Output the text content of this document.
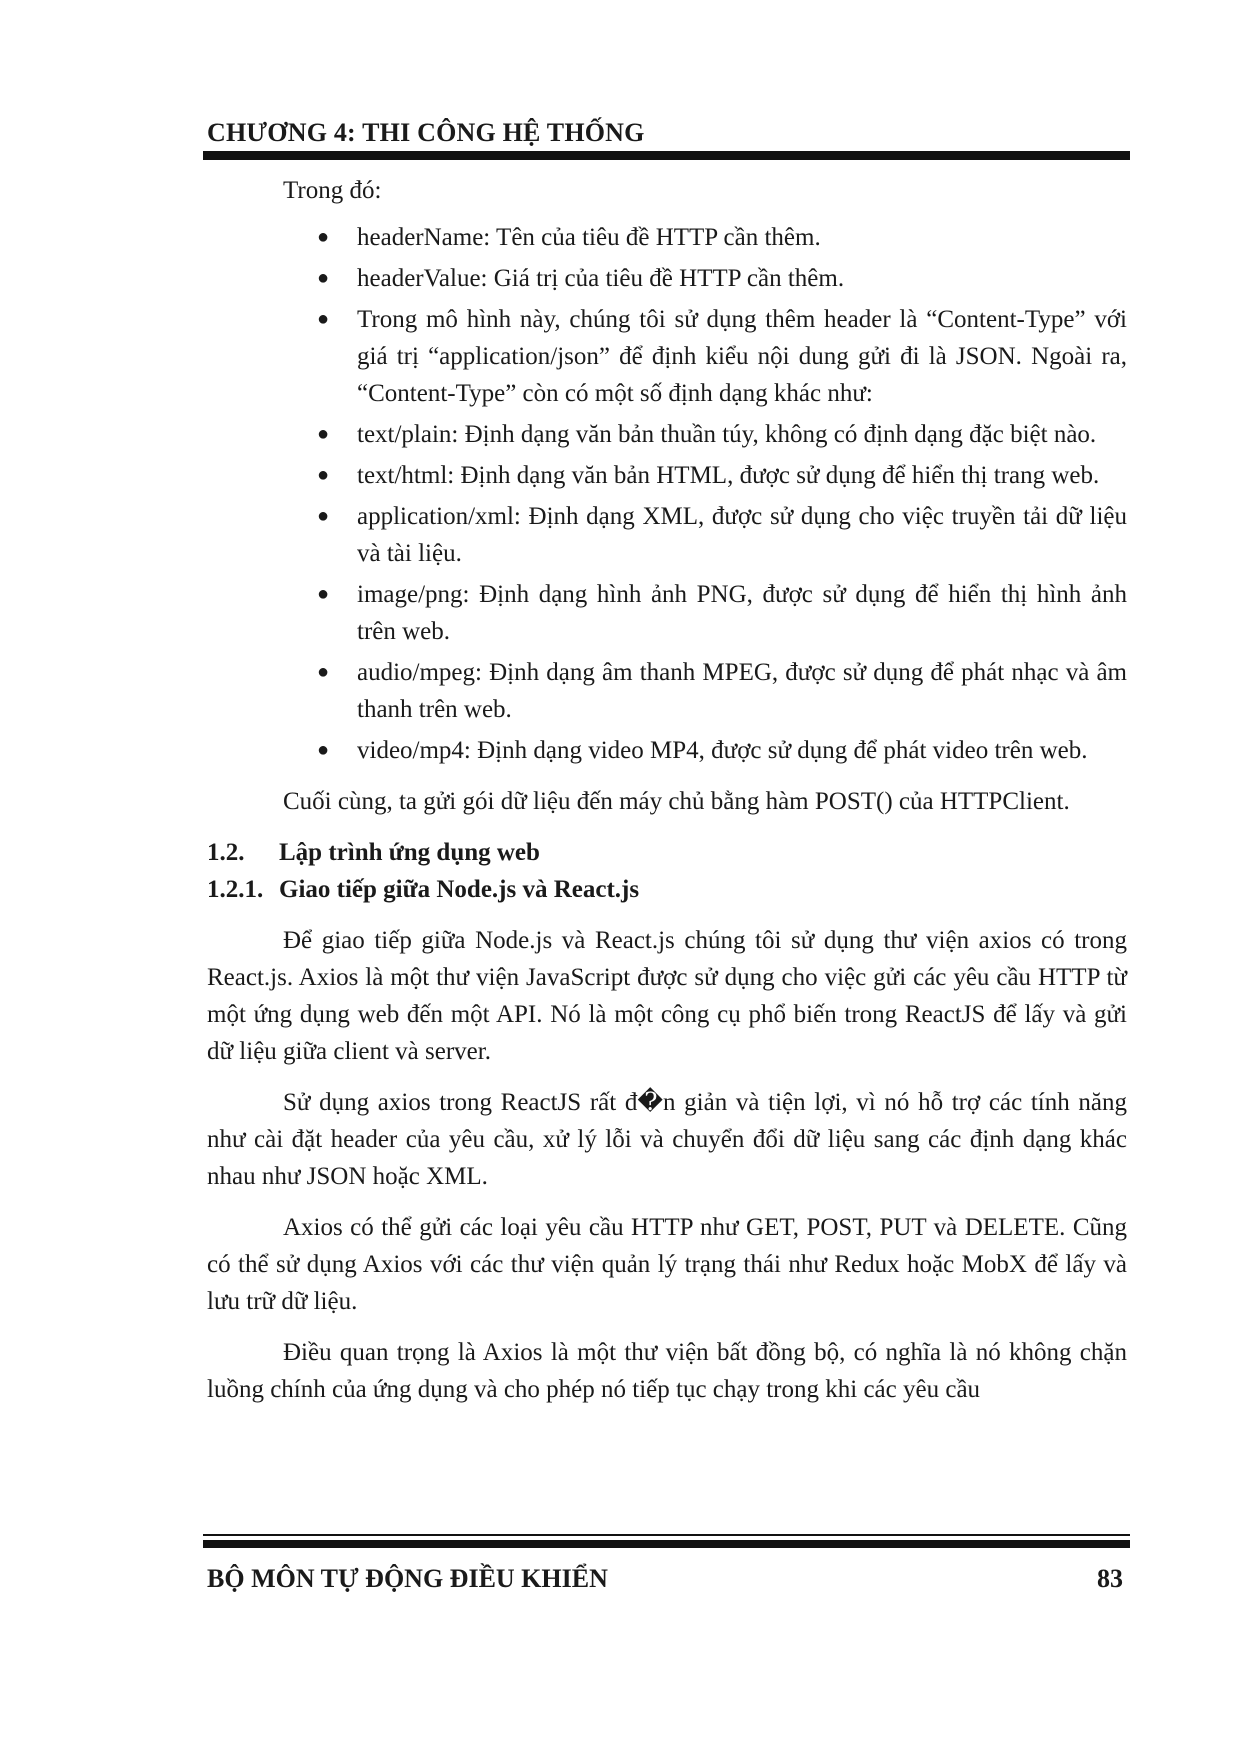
CHƯƠNG 4: THI CÔNG HỆ THỐNG

Trong đó:

● headerName: Tên của tiêu đề HTTP cần thêm.
● headerValue: Giá trị của tiêu đề HTTP cần thêm.
● Trong mô hình này, chúng tôi sử dụng thêm header là “Content-Type” với giá trị “application/json” để định kiểu nội dung gửi đi là JSON. Ngoài ra, “Content-Type” còn có một số định dạng khác như:
● text/plain: Định dạng văn bản thuần túy, không có định dạng đặc biệt nào.
● text/html: Định dạng văn bản HTML, được sử dụng để hiển thị trang web.
● application/xml: Định dạng XML, được sử dụng cho việc truyền tải dữ liệu và tài liệu.
● image/png: Định dạng hình ảnh PNG, được sử dụng để hiển thị hình ảnh trên web.
● audio/mpeg: Định dạng âm thanh MPEG, được sử dụng để phát nhạc và âm thanh trên web.
● video/mp4: Định dạng video MP4, được sử dụng để phát video trên web.

Cuối cùng, ta gửi gói dữ liệu đến máy chủ bằng hàm POST() của HTTPClient.

1.2. Lập trình ứng dụng web

1.2.1. Giao tiếp giữa Node.js và React.js

Để giao tiếp giữa Node.js và React.js chúng tôi sử dụng thư viện axios có trong React.js. Axios là một thư viện JavaScript được sử dụng cho việc gửi các yêu cầu HTTP từ một ứng dụng web đến một API. Nó là một công cụ phổ biến trong ReactJS để lấy và gửi dữ liệu giữa client và server.

Sử dụng axios trong ReactJS rất đ�n giản và tiện lợi, vì nó hỗ trợ các tính năng như cài đặt header của yêu cầu, xử lý lỗi và chuyển đổi dữ liệu sang các định dạng khác nhau như JSON hoặc XML.

Axios có thể gửi các loại yêu cầu HTTP như GET, POST, PUT và DELETE. Cũng có thể sử dụng Axios với các thư viện quản lý trạng thái như Redux hoặc MobX để lấy và lưu trữ dữ liệu.

Điều quan trọng là Axios là một thư viện bất đồng bộ, có nghĩa là nó không chặn luồng chính của ứng dụng và cho phép nó tiếp tục chạy trong khi các yêu cầu

BỘ MÔN TỰ ĐỘNG ĐIỀU KHIỂN	83
